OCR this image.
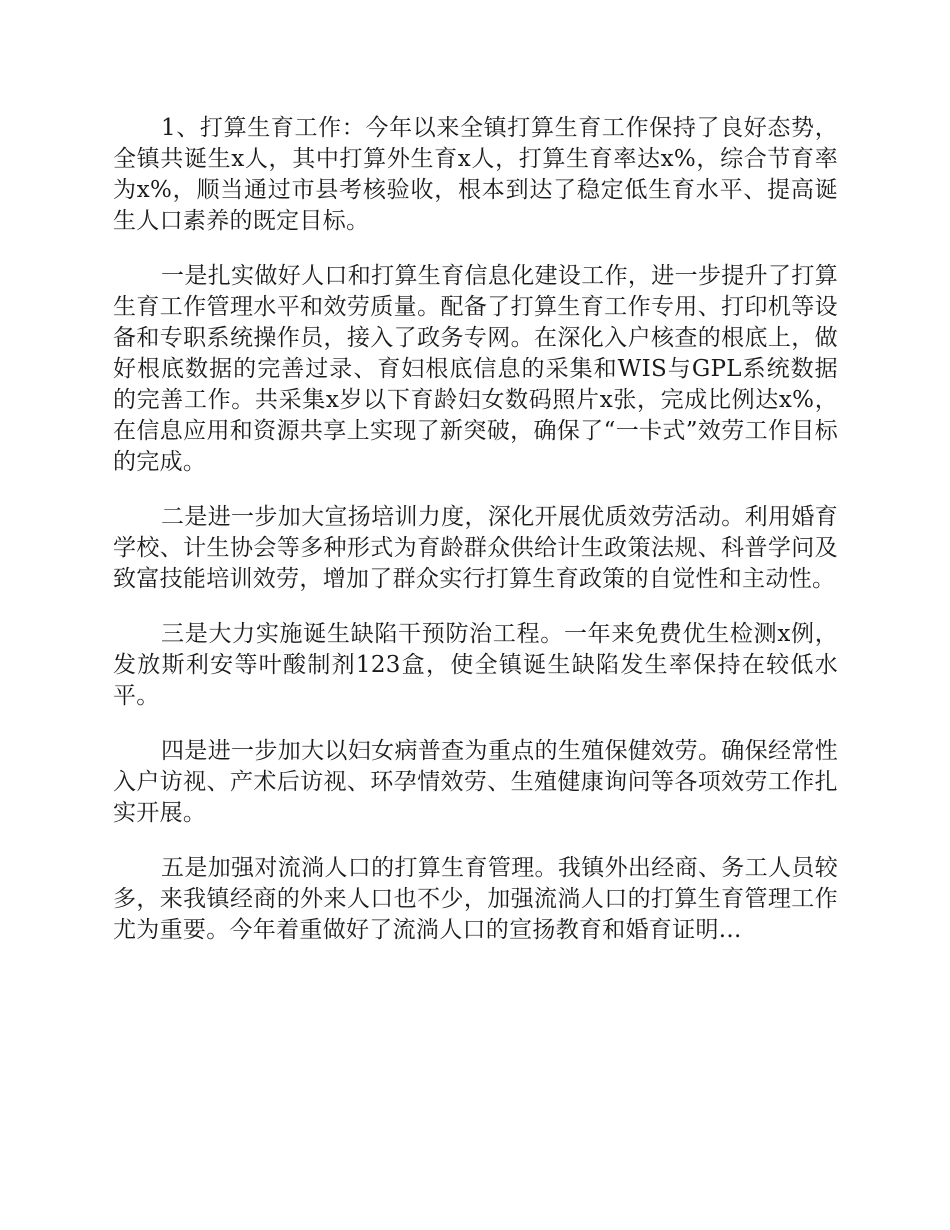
1、打算生育工作：今年以来全镇打算生育工作保持了良好态势，全镇共诞生x人，其中打算外生育x人，打算生育率达x%，综合节育率为x%，顺当通过市县考核验收，根本到达了稳定低生育水平、提高诞生人口素养的既定目标。

一是扎实做好人口和打算生育信息化建设工作，进一步提升了打算生育工作管理水平和效劳质量。配备了打算生育工作专用、打印机等设备和专职系统操作员，接入了政务专网。在深化入户核查的根底上，做好根底数据的完善过录、育妇根底信息的采集和WIS与GPL系统数据的完善工作。共采集x岁以下育龄妇女数码照片x张，完成比例达x%，在信息应用和资源共享上实现了新突破，确保了“一卡式”效劳工作目标的完成。

二是进一步加大宣扬培训力度，深化开展优质效劳活动。利用婚育学校、计生协会等多种形式为育龄群众供给计生政策法规、科普学问及致富技能培训效劳，增加了群众实行打算生育政策的自觉性和主动性。

三是大力实施诞生缺陷干预防治工程。一年来免费优生检测x例，发放斯利安等叶酸制剂123盒，使全镇诞生缺陷发生率保持在较低水平。

四是进一步加大以妇女病普查为重点的生殖保健效劳。确保经常性入户访视、产术后访视、环孕情效劳、生殖健康询问等各项效劳工作扎实开展。

五是加强对流淌人口的打算生育管理。我镇外出经商、务工人员较多，来我镇经商的外来人口也不少，加强流淌人口的打算生育管理工作尤为重要。今年着重做好了流淌人口的宣扬教育和婚育证明...
